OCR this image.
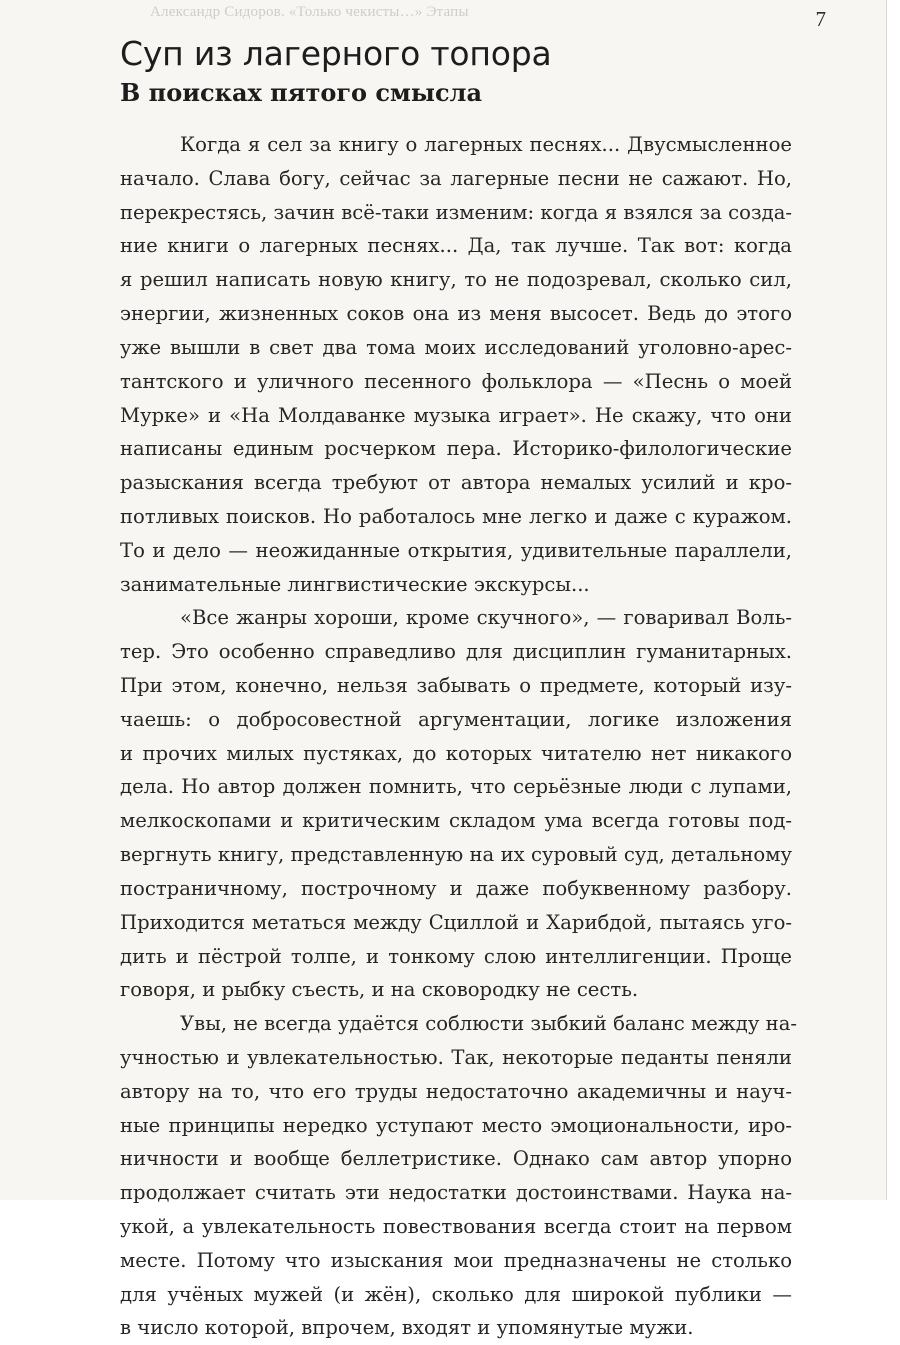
Александр Сидоров. «Только чекисты…» Этапы	7
Суп из лагерного топора
В поисках пятого смысла
Когда я сел за книгу о лагерных песнях... Двусмысленное
начало. Слава богу, сейчас за лагерные песни не сажают. Но,
перекрестясь, зачин всё-таки изменим: когда я взялся за созда-
ние книги о лагерных песнях... Да, так лучше. Так вот: когда
я решил написать новую книгу, то не подозревал, сколько сил,
энергии, жизненных соков она из меня высосет. Ведь до этого
уже вышли в свет два тома моих исследований уголовно-арес-
тантского и уличного песенного фольклора — «Песнь о моей
Мурке» и «На Молдаванке музыка играет». Не скажу, что они
написаны единым росчерком пера. Историко-филологические
разыскания всегда требуют от автора немалых усилий и кро-
потливых поисков. Но работалось мне легко и даже с куражом.
То и дело — неожиданные открытия, удивительные параллели,
занимательные лингвистические экскурсы...
«Все жанры хороши, кроме скучного», — говаривал Воль-
тер. Это особенно справедливо для дисциплин гуманитарных.
При этом, конечно, нельзя забывать о предмете, который изу-
чаешь: о добросовестной аргументации, логике изложения
и прочих милых пустяках, до которых читателю нет никакого
дела. Но автор должен помнить, что серьёзные люди с лупами,
мелкоскопами и критическим складом ума всегда готовы под-
вергнуть книгу, представленную на их суровый суд, детальному
постраничному, построчному и даже побуквенному разбору.
Приходится метаться между Сциллой и Харибдой, пытаясь уго-
дить и пёстрой толпе, и тонкому слою интеллигенции. Проще
говоря, и рыбку съесть, и на сковородку не сесть.
Увы, не всегда удаётся соблюсти зыбкий баланс между на-
учностью и увлекательностью. Так, некоторые педанты пеняли
автору на то, что его труды недостаточно академичны и науч-
ные принципы нередко уступают место эмоциональности, иро-
ничности и вообще беллетристике. Однако сам автор упорно
продолжает считать эти недостатки достоинствами. Наука на-
укой, а увлекательность повествования всегда стоит на первом
месте. Потому что изыскания мои предназначены не столько
для учёных мужей (и жён), сколько для широкой публики —
в число которой, впрочем, входят и упомянутые мужи.
